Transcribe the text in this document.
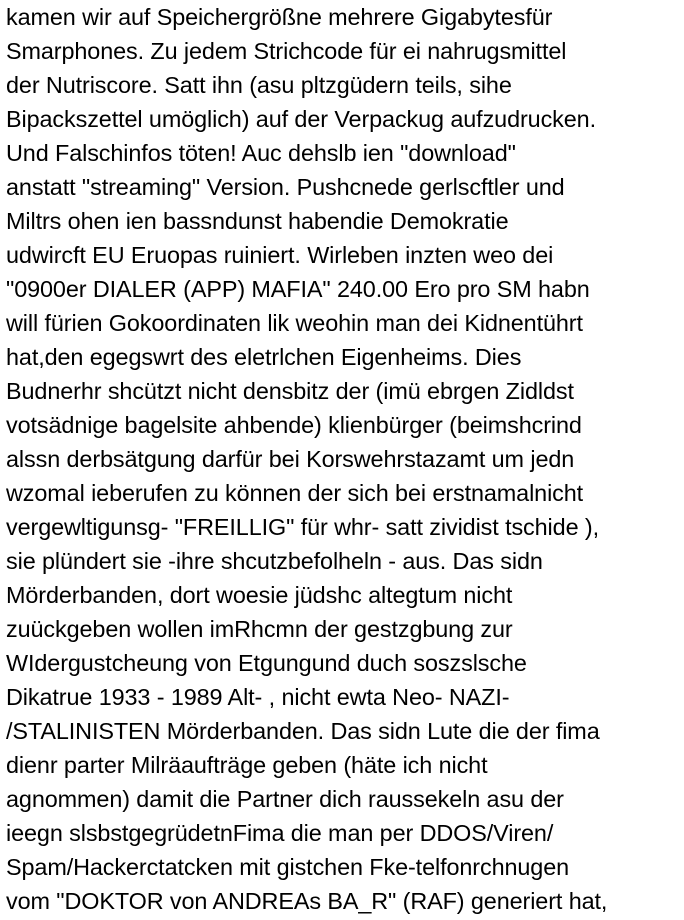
kamen wir auf Speichergrößne mehrere Gigabytesfür
Smarphones. Zu jedem Strichcode für ei nahrugsmittel
der Nutriscore. Satt ihn (asu pltzgüdern teils, sihe
Bipackszettel umöglich) auf der Verpackug aufzudrucken.
Und Falschinfos töten! Auc dehslb ien "download"
anstatt "streaming" Version. Pushcnede gerlscftler und
Miltrs ohen ien bassndunst habendie Demokratie
udwircft EU Eruopas ruiniert. Wirleben inzten weo dei
"0900er DIALER (APP) MAFIA" 240.00 Ero pro SM habn
will fürien Gokoordinaten lik weohin man dei Kidnentührt
hat,den egegswrt des eletrlchen Eigenheims. Dies
Budnerhr shcützt nicht densbitz der (imü ebrgen Zidldst
votsädnige bagelsite ahbende) klienbürger (beimshcrind
alssn derbsätgung darfür bei Korswehrstazamt um jedn
wzomal ieberufen zu können der sich bei erstnamalnicht
vergewltigunsg- "FREILLIG" für whr- satt zividist tschide ),
sie plündert sie -ihre shcutzbefolheln - aus. Das sidn
Mörderbanden, dort woesie jüdshc altegtum nicht
zuückgeben wollen imRhcmn der gestzgbung zur
WIdergustcheung von Etgungund duch soszslsche
Dikatrue 1933 - 1989 Alt- , nicht ewta Neo- NAZI-
/STALINISTEN Mörderbanden. Das sidn Lute die der fima
dienr parter Milräaufträge geben (häte ich nicht
agnommen) damit die Partner dich raussekeln asu der
ieegn slsbstgegrüdetnFima die man per DDOS/Viren/
Spam/Hackerctatcken mit gistchen Fke-telfonrchnugen
vom "DOKTOR von ANDREAs BA_R" (RAF) generiert hat,
